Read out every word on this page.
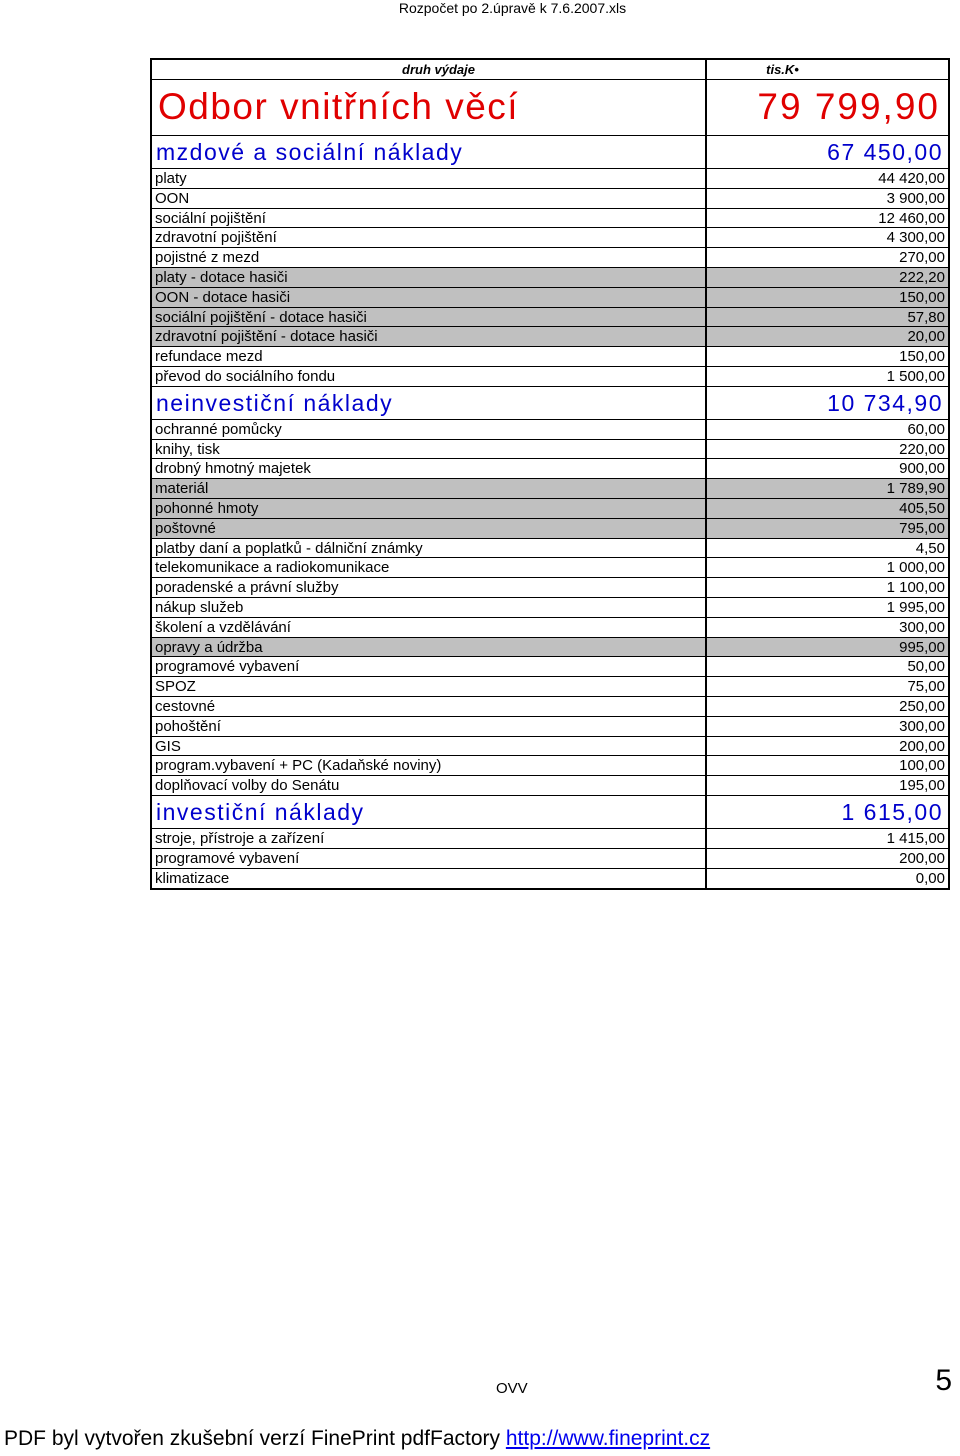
Rozpočet po 2.úpravě k 7.6.2007.xls
druh výdaje	tis.K•
Odbor vnitřních věcí	79 799,90
mzdové a sociální náklady	67 450,00
platy	44 420,00
OON	3 900,00
sociální pojištění	12 460,00
zdravotní pojištění	4 300,00
pojistné z mezd	270,00
platy - dotace hasiči	222,20
OON - dotace hasiči	150,00
sociální pojištění - dotace hasiči	57,80
zdravotní pojištění - dotace hasiči	20,00
refundace mezd	150,00
převod do sociálního fondu	1 500,00
neinvestiční náklady	10 734,90
ochranné pomůcky	60,00
knihy, tisk	220,00
drobný hmotný majetek	900,00
materiál	1 789,90
pohonné hmoty	405,50
poštovné	795,00
platby daní a poplatků - dálniční známky	4,50
telekomunikace a radiokomunikace	1 000,00
poradenské a právní služby	1 100,00
nákup služeb	1 995,00
školení a vzdělávání	300,00
opravy a údržba	995,00
programové vybavení	50,00
SPOZ	75,00
cestovné	250,00
pohoštění	300,00
GIS	200,00
program.vybavení + PC (Kadaňské noviny)	100,00
doplňovací volby do Senátu	195,00
investiční náklady	1 615,00
stroje, přístroje a zařízení	1 415,00
programové vybavení	200,00
klimatizace	0,00
OVV	5
PDF byl vytvořen zkušební verzí FinePrint pdfFactory http://www.fineprint.cz
